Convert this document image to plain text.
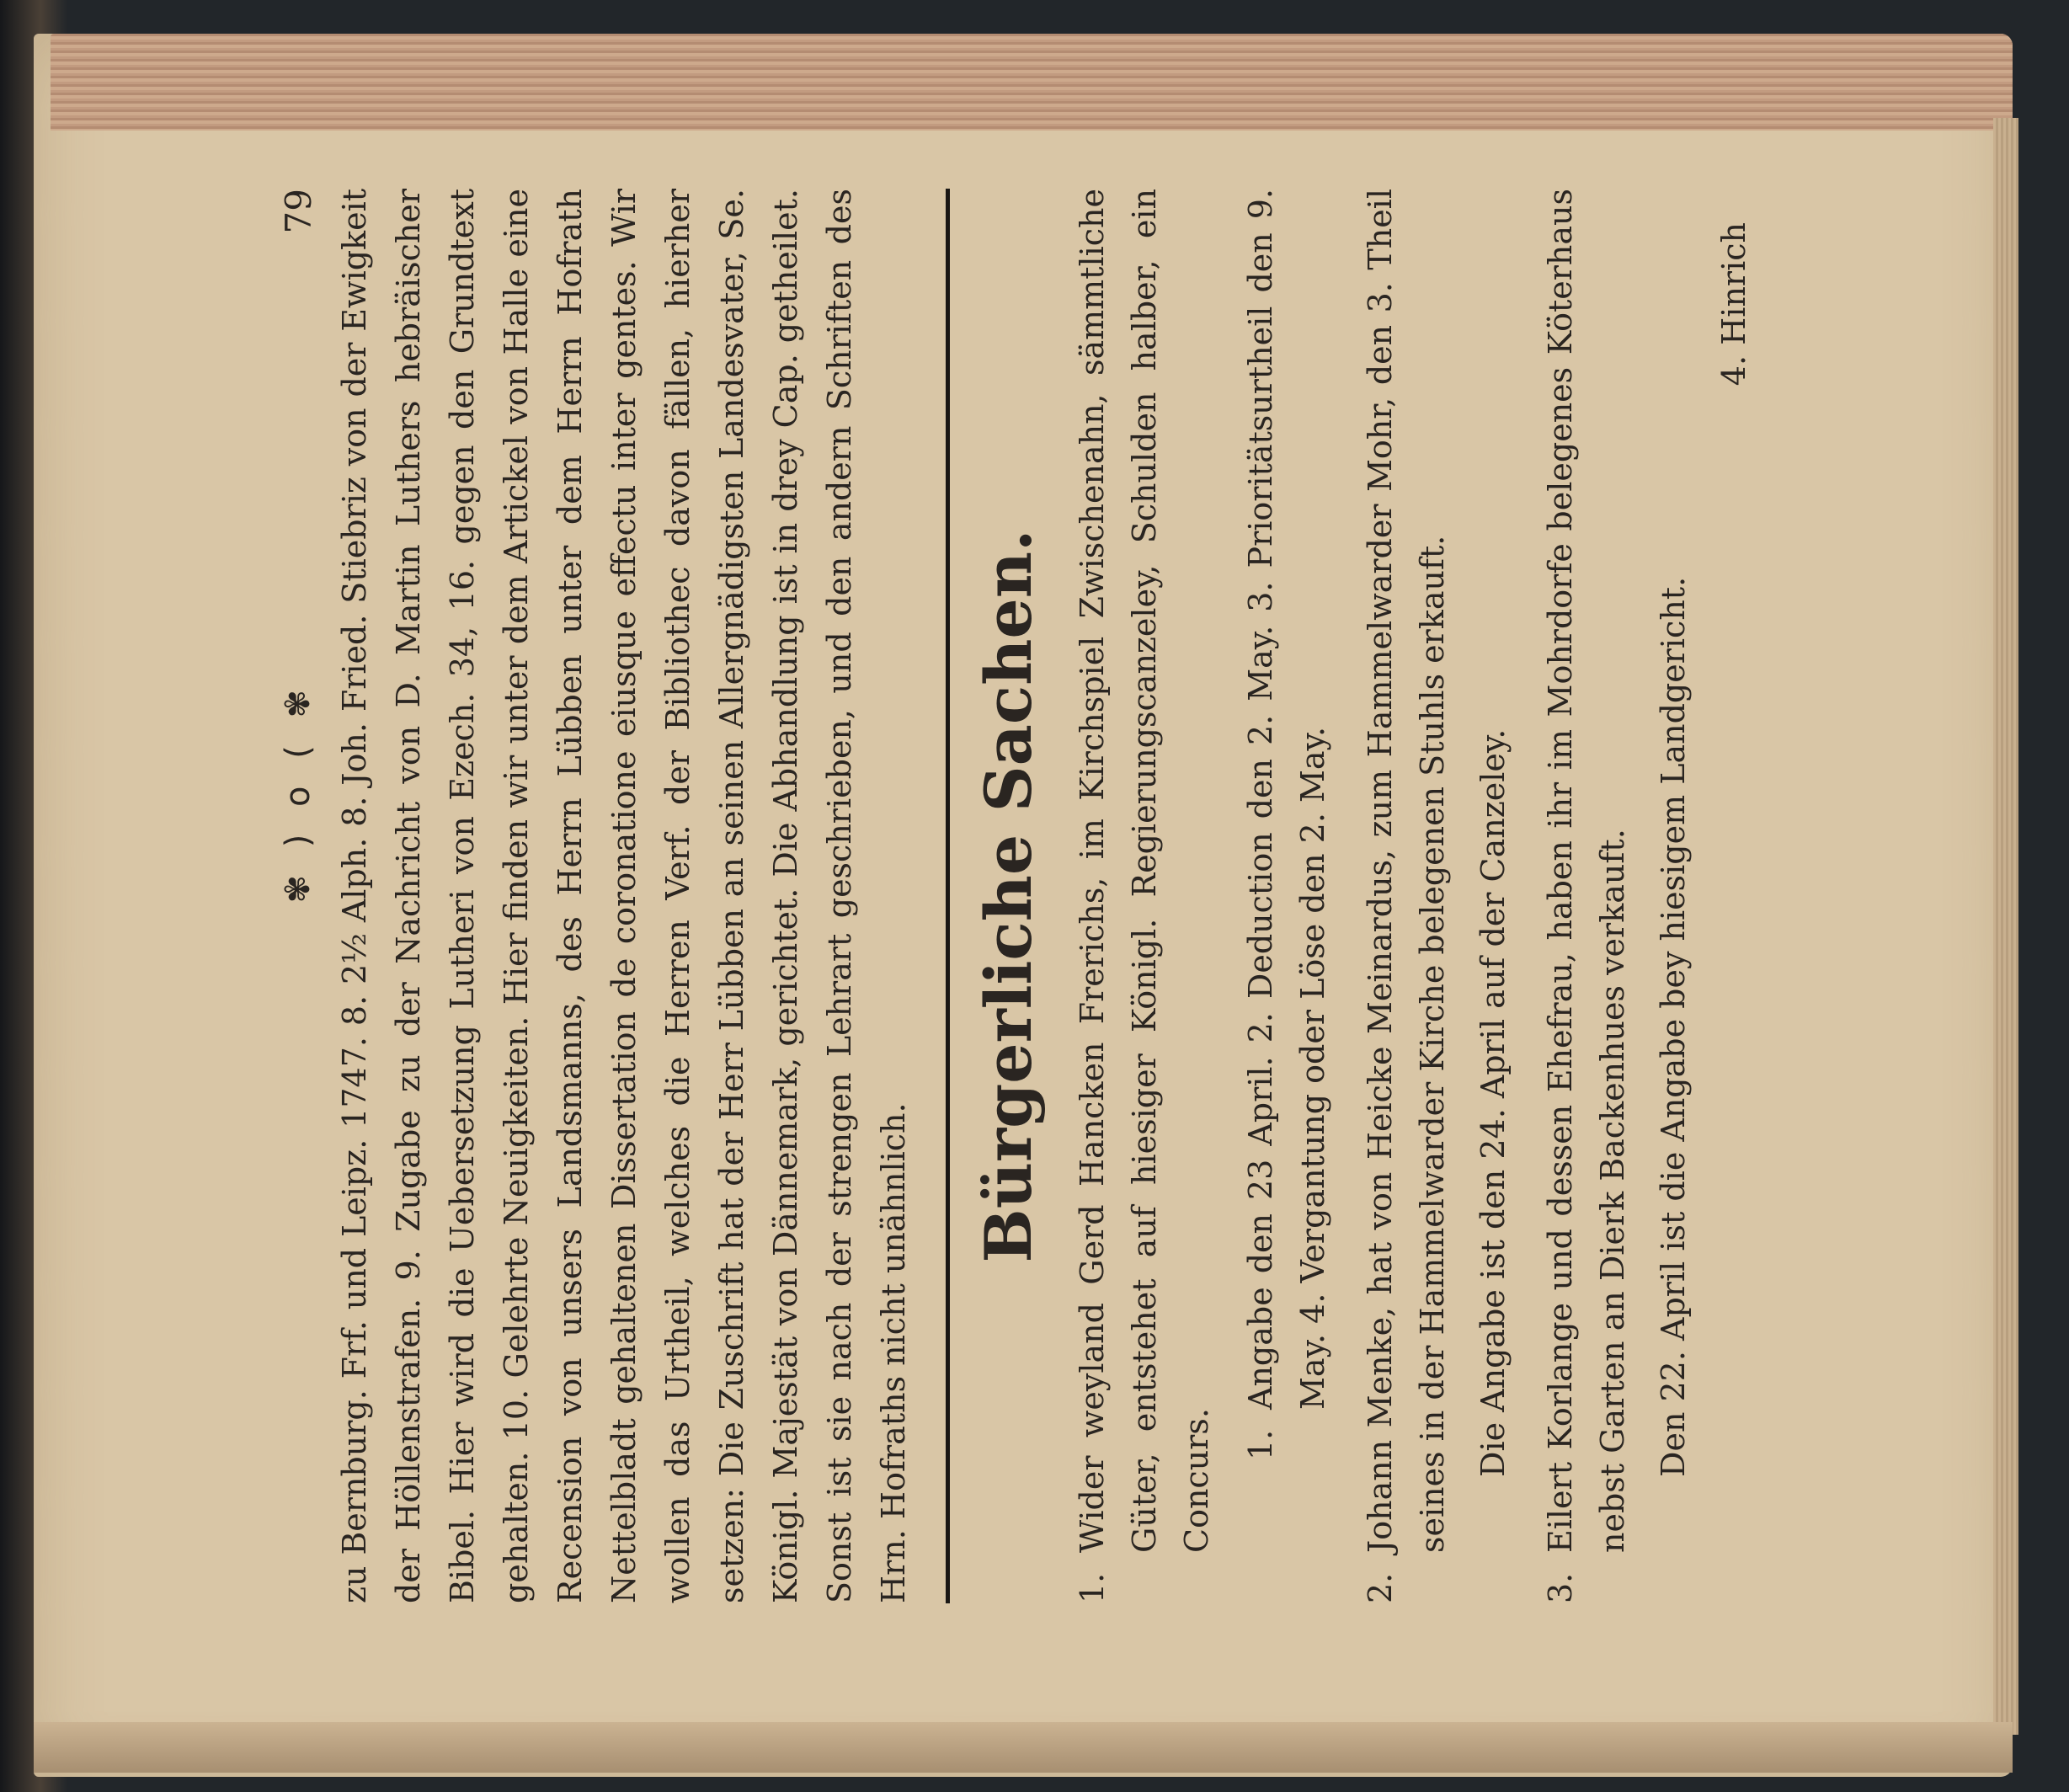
✾ ) o ( ✾
79 zu Bernburg. Frf. und Leipz. 1747. 8. 2⅟₂ Alph. 8. Joh. Fried. Stiebriz von der Ewigkeit der Höllenstrafen. 9. Zugabe zu der Nachricht von D. Martin Luthers hebräischer Bibel. Hier wird die Uebersetzung Lutheri von Ezech. 34, 16. gegen den Grundtext gehalten. 10. Gelehrte Neuigkeiten. Hier finden wir unter dem Artickel von Halle eine Recension von unsers Landsmanns, des Herrn Lübben unter dem Herrn Hofrath Nettelbladt gehaltenen Dissertation de coronatione eiusque effectu inter gentes. Wir wollen das Urtheil, welches die Herren Verf. der Bibliothec davon fällen, hierher setzen: Die Zuschrift hat der Herr Lübben an seinen Allergnädigsten Landesvater, Se. Königl. Majestät von Dännemark, gerichtet. Die Abhandlung ist in drey Cap. getheilet. Sonst ist sie nach der strengen Lehrart geschrieben, und den andern Schriften des Hrn. Hofraths nicht unähnlich.

Bürgerliche Sachen.
1.
Wider weyland Gerd Hancken Frerichs, im Kirchspiel Zwischenahn, sämmtliche Güter, entstehet auf hiesiger Königl. Regierungscanzeley, Schulden halber, ein Concurs. 1.
Angabe den 23 April. 2. Deduction den 2. May. 3. Prioritätsurtheil den 9. May. 4. Vergantung oder Löse den 2. May.
2.
Johann Menke, hat von Heicke Meinardus, zum Hammelwarder Mohr, den 3. Theil seines in der Hammelwarder Kirche belegenen Stuhls erkauft. Die Angabe ist den 24. April auf der Canzeley.
3.
Eilert Korlange und dessen Ehefrau, haben ihr im Mohrdorfe belegenes Köterhaus nebst Garten an Dierk Backenhues verkauft. Den 22. April ist die Angabe bey hiesigem Landgericht.
4. Hinrich
